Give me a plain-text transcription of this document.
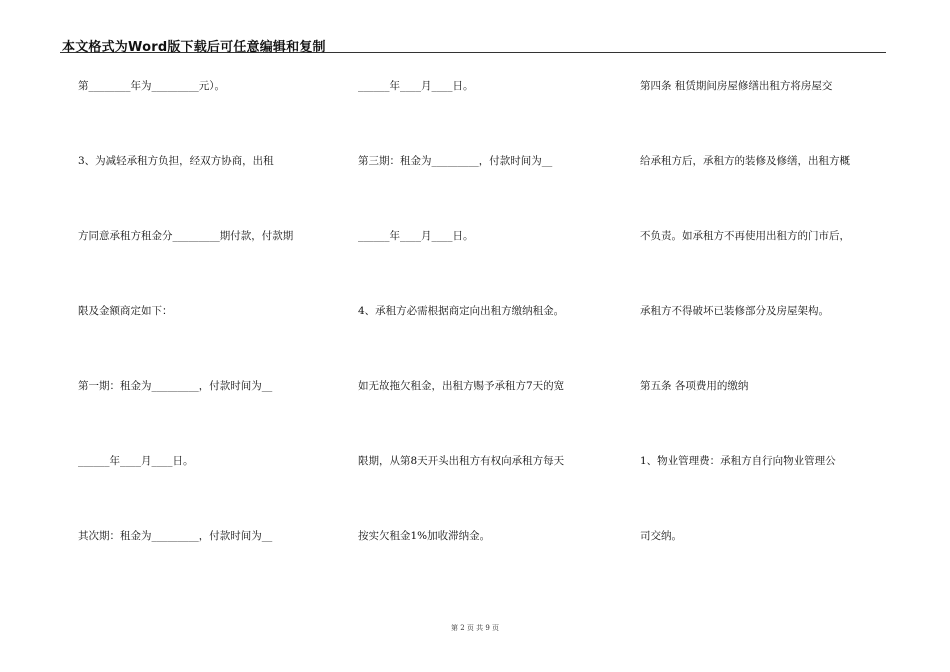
本文格式为Word版下载后可任意编辑和复制
第________年为_________元）。
3、为减轻承租方负担，经双方协商，出租
方同意承租方租金分_________期付款，付款期
限及金额商定如下：
第一期：租金为_________，付款时间为__
______年____月____日。
其次期：租金为_________，付款时间为__
______年____月____日。
第三期：租金为_________，付款时间为__
______年____月____日。
4、承租方必需根据商定向出租方缴纳租金。
如无故拖欠租金，出租方赐予承租方7天的宽
限期，从第8天开头出租方有权向承租方每天
按实欠租金1%加收滞纳金。
第四条 租赁期间房屋修缮出租方将房屋交
给承租方后，承租方的装修及修缮，出租方概
不负责。如承租方不再使用出租方的门市后，
承租方不得破坏已装修部分及房屋架构。
第五条 各项费用的缴纳
1、物业管理费：承租方自行向物业管理公
司交纳。
第 2 页 共 9 页
